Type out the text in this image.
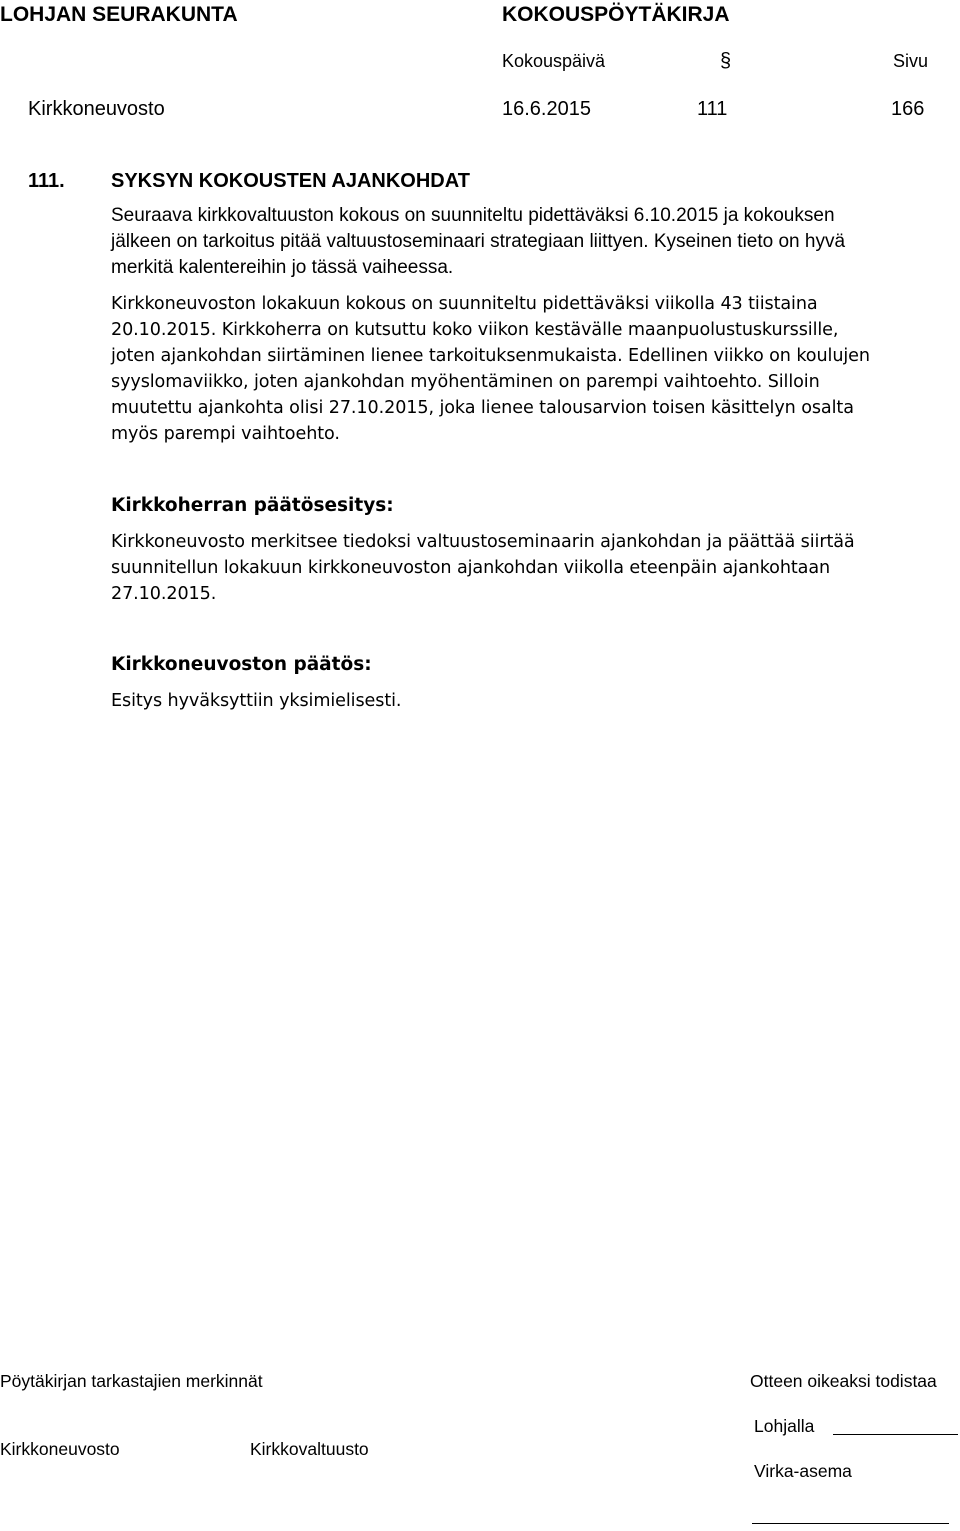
LOHJAN SEURAKUNTA	KOKOUSPÖYTÄKIRJA
Kokouspäivä	§	Sivu
Kirkkoneuvosto	16.6.2015	111	166
111. SYKSYN KOKOUSTEN AJANKOHDAT
Seuraava kirkkovaltuuston kokous on suunniteltu pidettäväksi 6.10.2015 ja kokouksen
jälkeen on tarkoitus pitää valtuustoseminaari strategiaan liittyen. Kyseinen tieto on hyvä
merkitä kalentereihin jo tässä vaiheessa.
Kirkkoneuvoston lokakuun kokous on suunniteltu pidettäväksi viikolla 43 tiistaina
20.10.2015. Kirkkoherra on kutsuttu koko viikon kestävälle maanpuolustuskurssille,
joten ajankohdan siirtäminen lienee tarkoituksenmukaista. Edellinen viikko on koulujen
syyslomaviikko, joten ajankohdan myöhentäminen on parempi vaihtoehto. Silloin
muutettu ajankohta olisi 27.10.2015, joka lienee talousarvion toisen käsittelyn osalta
myös parempi vaihtoehto.
Kirkkoherran päätösesitys:
Kirkkoneuvosto merkitsee tiedoksi valtuustoseminaarin ajankohdan ja päättää siirtää
suunnitellun lokakuun kirkkoneuvoston ajankohdan viikolla eteenpäin ajankohtaan
27.10.2015.
Kirkkoneuvoston päätös:
Esitys hyväksyttiin yksimielisesti.
Pöytäkirjan tarkastajien merkinnät	Otteen oikeaksi todistaa
Lohjalla
Kirkkoneuvosto	Kirkkovaltuusto
Virka-asema
